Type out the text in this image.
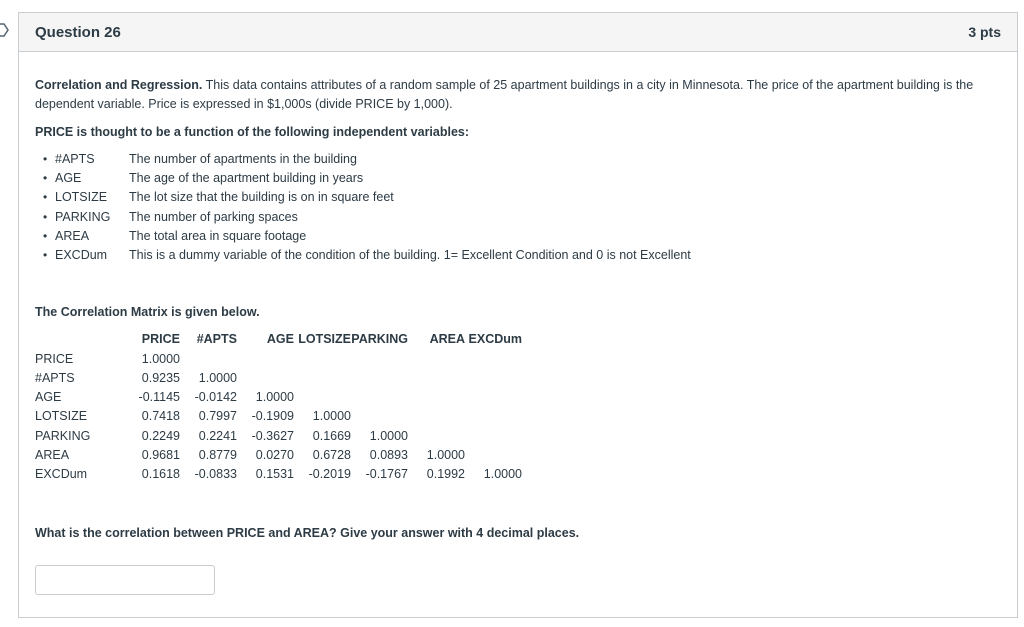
Question 26	3 pts

Correlation and Regression. This data contains attributes of a random sample of 25 apartment buildings in a city in Minnesota. The price of the apartment building is the dependent variable. Price is expressed in $1,000s (divide PRICE by 1,000).

PRICE is thought to be a function of the following independent variables:

• #APTS	The number of apartments in the building
• AGE	The age of the apartment building in years
• LOTSIZE	The lot size that the building is on in square feet
• PARKING	The number of parking spaces
• AREA	The total area in square footage
• EXCDum	This is a dummy variable of the condition of the building. 1= Excellent Condition and 0 is not Excellent

The Correlation Matrix is given below.

	PRICE	#APTS	AGE	LOTSIZE	PARKING	AREA	EXCDum
PRICE	1.0000						
#APTS	0.9235	1.0000					
AGE	-0.1145	-0.0142	1.0000				
LOTSIZE	0.7418	0.7997	-0.1909	1.0000			
PARKING	0.2249	0.2241	-0.3627	0.1669	1.0000		
AREA	0.9681	0.8779	0.0270	0.6728	0.0893	1.0000	
EXCDum	0.1618	-0.0833	0.1531	-0.2019	-0.1767	0.1992	1.0000

What is the correlation between PRICE and AREA? Give your answer with 4 decimal places.
